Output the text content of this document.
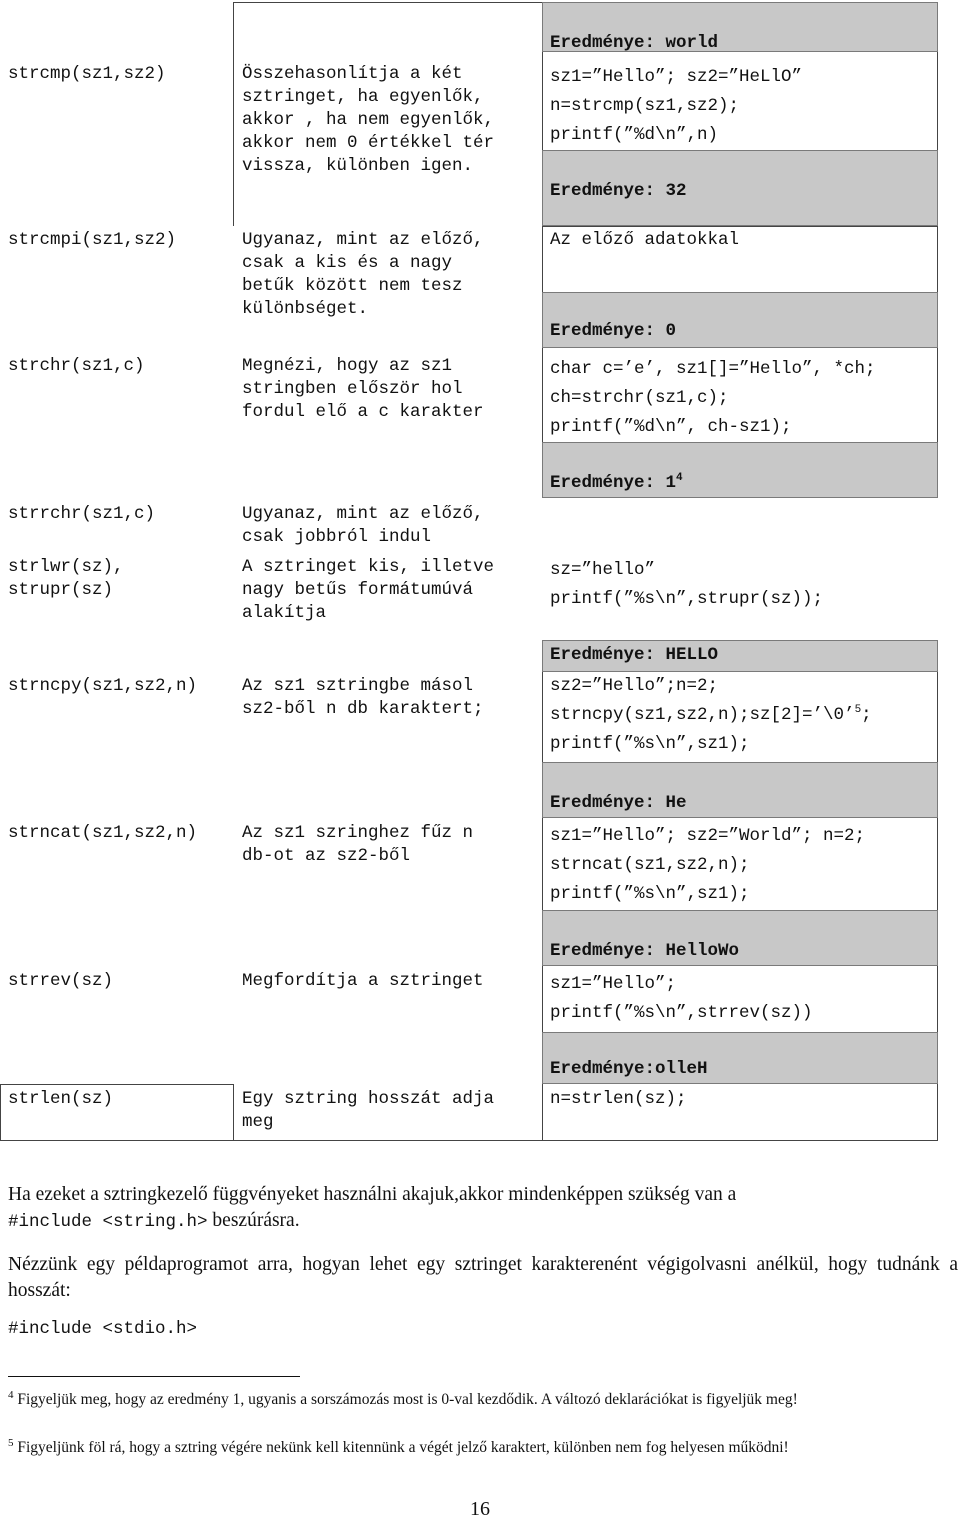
Eredménye: world
Eredménye: 32
Eredménye: 0
Eredménye: $1^4$
Eredménye: HELLO
Eredménye: He
Eredménye: HelloWo
Eredménye:olleH
strcmp(sz1,sz2)
strcmpi(sz1,sz2)
strchr(sz1,c)
strrchr(sz1,c)
strlwr(sz),
strupr(sz)
strncpy(sz1,sz2,n)
strncat(sz1,sz2,n)
strrev(sz)
strlen(sz)
Összehasonlítja a két
sztringet, ha egyenlők,
akkor , ha nem egyenlők,
akkor nem 0 értékkel tér
vissza, különben igen.
Ugyanaz, mint az előző,
csak a kis és a nagy
betűk között nem tesz
különbséget.
Megnézi, hogy az sz1
stringben először hol
fordul elő a c karakter
Ugyanaz, mint az előző,
csak jobbról indul
A sztringet kis, illetve
nagy betűs formátumúvá
alakítja
Az sz1 sztringbe másol
sz2-ből n db karaktert;
Az sz1 szringhez fűz n
db-ot az sz2-ből
Megfordítja a sztringet
Egy sztring hosszát adja
meg
sz1=”Hello”; sz2=”HeLlO”
n=strcmp(sz1,sz2);
printf(”%d\n”,n)
Az előző adatokkal
char c=’e’, sz1[]=”Hello”, *ch;
ch=strchr(sz1,c);
printf(”%d\n”, ch-sz1);
sz=”hello”
printf(”%s\n”,strupr(sz));
sz2=”Hello”;n=2;
strncpy(sz1,sz2,n);sz[2]=’\0’$^5$;
printf(”%s\n”,sz1);
sz1=”Hello”; sz2=”World”; n=2;
strncat(sz1,sz2,n);
printf(”%s\n”,sz1);
sz1=”Hello”;
printf(”%s\n”,strrev(sz))
n=strlen(sz);
Ha ezeket a sztringkezelő függvényeket használni akajuk,akkor mindenképpen szükség van a
#include <string.h> beszúrásra.
Nézzünk egy példaprogramot arra, hogyan lehet egy sztringet karakterenént végigolvasni anélkül, hogy tudnánk a hosszát:
#include <stdio.h>
$^4$ Figyeljük meg, hogy az eredmény 1, ugyanis a sorszámozás most is 0-val kezdődik. A változó deklarációkat is figyeljük meg!
$^5$ Figyeljünk föl rá, hogy a sztring végére nekünk kell kitennünk a végét jelző karaktert, különben nem fog helyesen működni!
16
